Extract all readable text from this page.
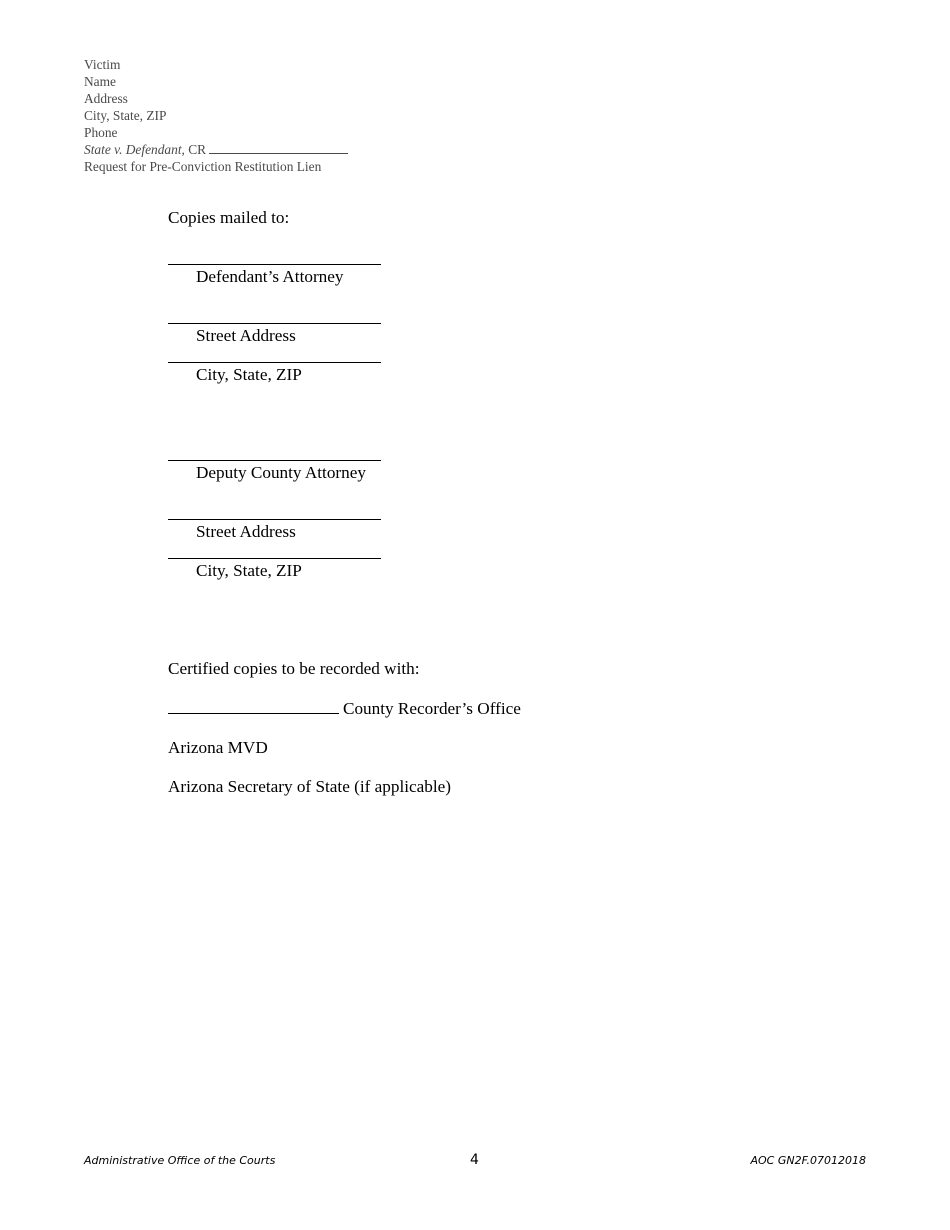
Victim
Name
Address
City, State, ZIP
Phone
State v. Defendant, CR
Request for Pre-Conviction Restitution Lien
Copies mailed to:
Defendant’s Attorney
Street Address
City, State, ZIP
Deputy County Attorney
Street Address
City, State, ZIP
Certified copies to be recorded with:
County Recorder’s Office
Arizona MVD
Arizona Secretary of State (if applicable)
Administrative Office of the Courts	4	AOC GN2F.07012018
